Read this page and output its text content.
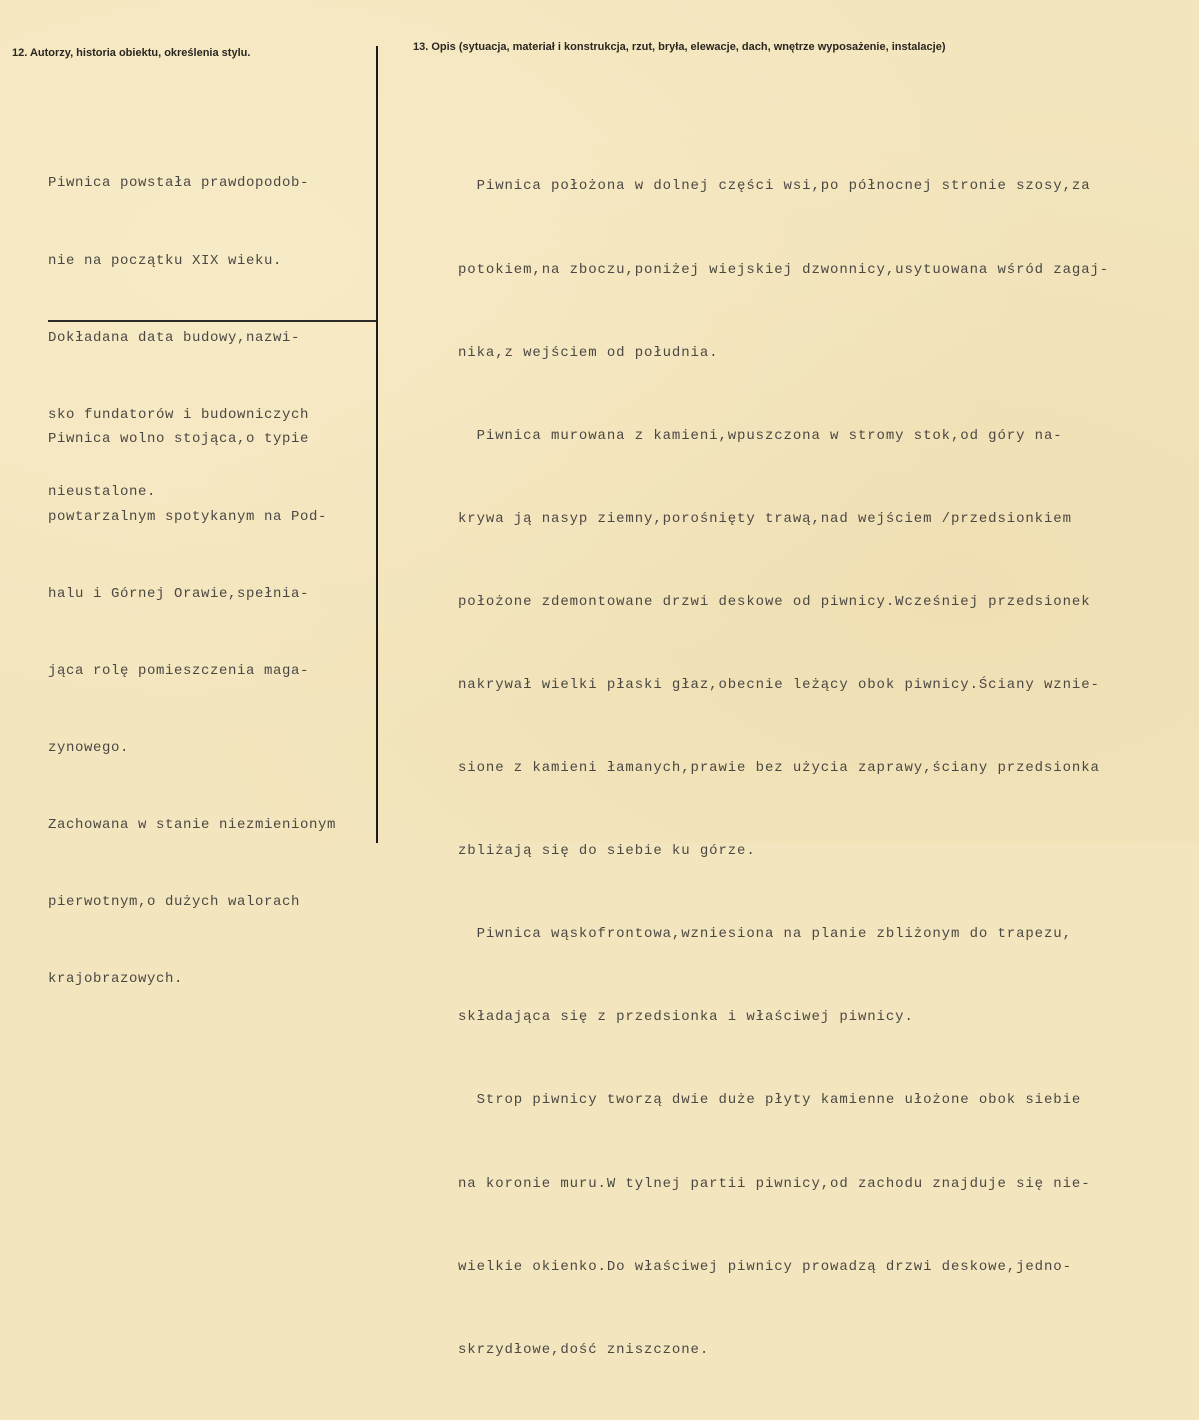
12. Autorzy, historia obiektu, określenia stylu.	13. Opis (sytuacja, materiał i konstrukcja, rzut, bryła, elewacje, dach, wnętrze wyposażenie, instalacje)

Piwnica powstała prawdopodob-

nie na początku XIX wieku.

Dokładana data budowy,nazwi-

sko fundatorów i budowniczych

nieustalone.

Piwnica wolno stojąca,o typie

powtarzalnym spotykanym na Pod-

halu i Górnej Orawie,spełnia-

jąca rolę pomieszczenia maga-

zynowego.

Zachowana w stanie niezmienionym

pierwotnym,o dużych walorach

krajobrazowych.

Piwnica położona w dolnej części wsi,po północnej stronie szosy,za

potokiem,na zboczu,poniżej wiejskiej dzwonnicy,usytuowana wśród zagaj-

nika,z wejściem od południa.

Piwnica murowana z kamieni,wpuszczona w stromy stok,od góry na-

krywa ją nasyp ziemny,porośnięty trawą,nad wejściem /przedsionkiem

położone zdemontowane drzwi deskowe od piwnicy.Wcześniej przedsionek

nakrywał wielki płaski głaz,obecnie leżący obok piwnicy.Ściany wznie-

sione z kamieni łamanych,prawie bez użycia zaprawy,ściany przedsionka

zbliżają się do siebie ku górze.

Piwnica wąskofrontowa,wzniesiona na planie zbliżonym do trapezu,

składająca się z przedsionka i właściwej piwnicy.

Strop piwnicy tworzą dwie duże płyty kamienne ułożone obok siebie

na koronie muru.W tylnej partii piwnicy,od zachodu znajduje się nie-

wielkie okienko.Do właściwej piwnicy prowadzą drzwi deskowe,jedno-

skrzydłowe,dość zniszczone.
